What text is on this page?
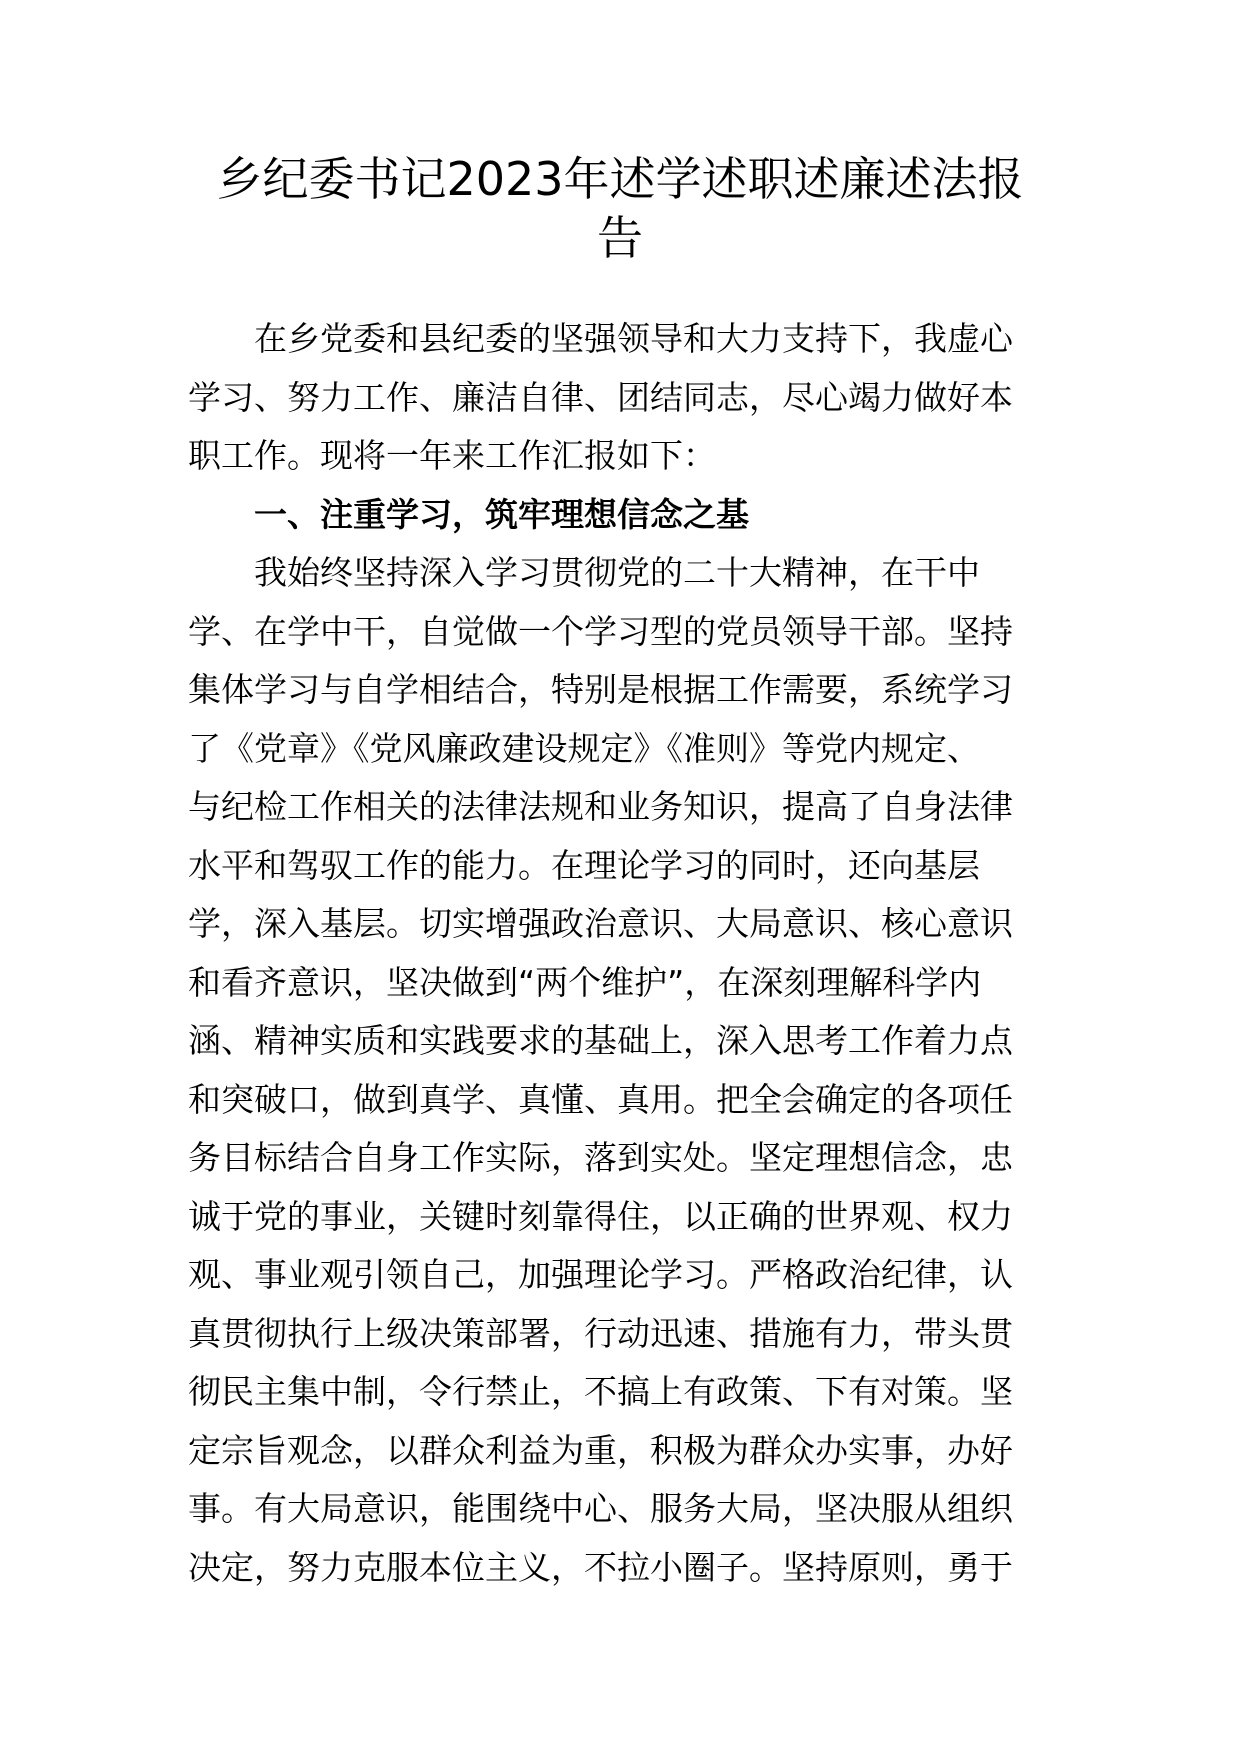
乡纪委书记2023年述学述职述廉述法报
告
在乡党委和县纪委的坚强领导和大力支持下，我虚心
学习、努力工作、廉洁自律、团结同志，尽心竭力做好本
职工作。现将一年来工作汇报如下：
一、注重学习，筑牢理想信念之基
我始终坚持深入学习贯彻党的二十大精神，在干中
学、在学中干，自觉做一个学习型的党员领导干部。坚持
集体学习与自学相结合，特别是根据工作需要，系统学习
了《党章》《党风廉政建设规定》《准则》等党内规定、
与纪检工作相关的法律法规和业务知识，提高了自身法律
水平和驾驭工作的能力。在理论学习的同时，还向基层
学，深入基层。切实增强政治意识、大局意识、核心意识
和看齐意识，坚决做到“两个维护”，在深刻理解科学内
涵、精神实质和实践要求的基础上，深入思考工作着力点
和突破口，做到真学、真懂、真用。把全会确定的各项任
务目标结合自身工作实际，落到实处。坚定理想信念，忠
诚于党的事业，关键时刻靠得住，以正确的世界观、权力
观、事业观引领自己，加强理论学习。严格政治纪律，认
真贯彻执行上级决策部署，行动迅速、措施有力，带头贯
彻民主集中制，令行禁止，不搞上有政策、下有对策。坚
定宗旨观念，以群众利益为重，积极为群众办实事，办好
事。有大局意识，能围绕中心、服务大局，坚决服从组织
决定，努力克服本位主义，不拉小圈子。坚持原则，勇于
